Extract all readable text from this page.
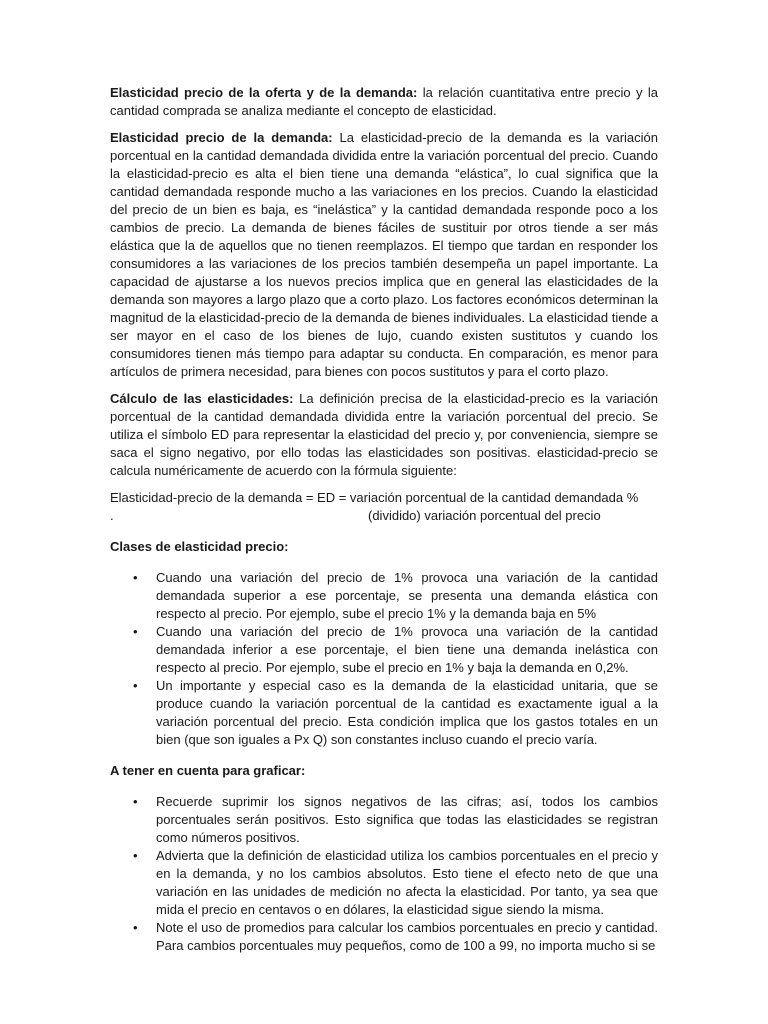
Elasticidad precio de la oferta y de la demanda: la relación cuantitativa entre precio y la cantidad comprada se analiza mediante el concepto de elasticidad.

Elasticidad precio de la demanda: La elasticidad-precio de la demanda es la variación porcentual en la cantidad demandada dividida entre la variación porcentual del precio. Cuando la elasticidad-precio es alta el bien tiene una demanda “elástica”, lo cual significa que la cantidad demandada responde mucho a las variaciones en los precios. Cuando la elasticidad del precio de un bien es baja, es “inelástica” y la cantidad demandada responde poco a los cambios de precio. La demanda de bienes fáciles de sustituir por otros tiende a ser más elástica que la de aquellos que no tienen reemplazos. El tiempo que tardan en responder los consumidores a las variaciones de los precios también desempeña un papel importante. La capacidad de ajustarse a los nuevos precios implica que en general las elasticidades de la demanda son mayores a largo plazo que a corto plazo. Los factores económicos determinan la magnitud de la elasticidad-precio de la demanda de bienes individuales. La elasticidad tiende a ser mayor en el caso de los bienes de lujo, cuando existen sustitutos y cuando los consumidores tienen más tiempo para adaptar su conducta. En comparación, es menor para artículos de primera necesidad, para bienes con pocos sustitutos y para el corto plazo.

Cálculo de las elasticidades: La definición precisa de la elasticidad-precio es la variación porcentual de la cantidad demandada dividida entre la variación porcentual del precio. Se utiliza el símbolo ED para representar la elasticidad del precio y, por conveniencia, siempre se saca el signo negativo, por ello todas las elasticidades son positivas. elasticidad-precio se calcula numéricamente de acuerdo con la fórmula siguiente:

Elasticidad-precio de la demanda = ED = variación porcentual de la cantidad demandada %
.	(dividido) variación porcentual del precio
Clases de elasticidad precio:
• Cuando una variación del precio de 1% provoca una variación de la cantidad demandada superior a ese porcentaje, se presenta una demanda elástica con respecto al precio. Por ejemplo, sube el precio 1% y la demanda baja en 5%
• Cuando una variación del precio de 1% provoca una variación de la cantidad demandada inferior a ese porcentaje, el bien tiene una demanda inelástica con respecto al precio. Por ejemplo, sube el precio en 1% y baja la demanda en 0,2%.
• Un importante y especial caso es la demanda de la elasticidad unitaria, que se produce cuando la variación porcentual de la cantidad es exactamente igual a la variación porcentual del precio. Esta condición implica que los gastos totales en un bien (que son iguales a Px Q) son constantes incluso cuando el precio varía.
A tener en cuenta para graficar:
• Recuerde suprimir los signos negativos de las cifras; así, todos los cambios porcentuales serán positivos. Esto significa que todas las elasticidades se registran como números positivos.
• Advierta que la definición de elasticidad utiliza los cambios porcentuales en el precio y en la demanda, y no los cambios absolutos. Esto tiene el efecto neto de que una variación en las unidades de medición no afecta la elasticidad. Por tanto, ya sea que mida el precio en centavos o en dólares, la elasticidad sigue siendo la misma.
• Note el uso de promedios para calcular los cambios porcentuales en precio y cantidad. Para cambios porcentuales muy pequeños, como de 100 a 99, no importa mucho si se
